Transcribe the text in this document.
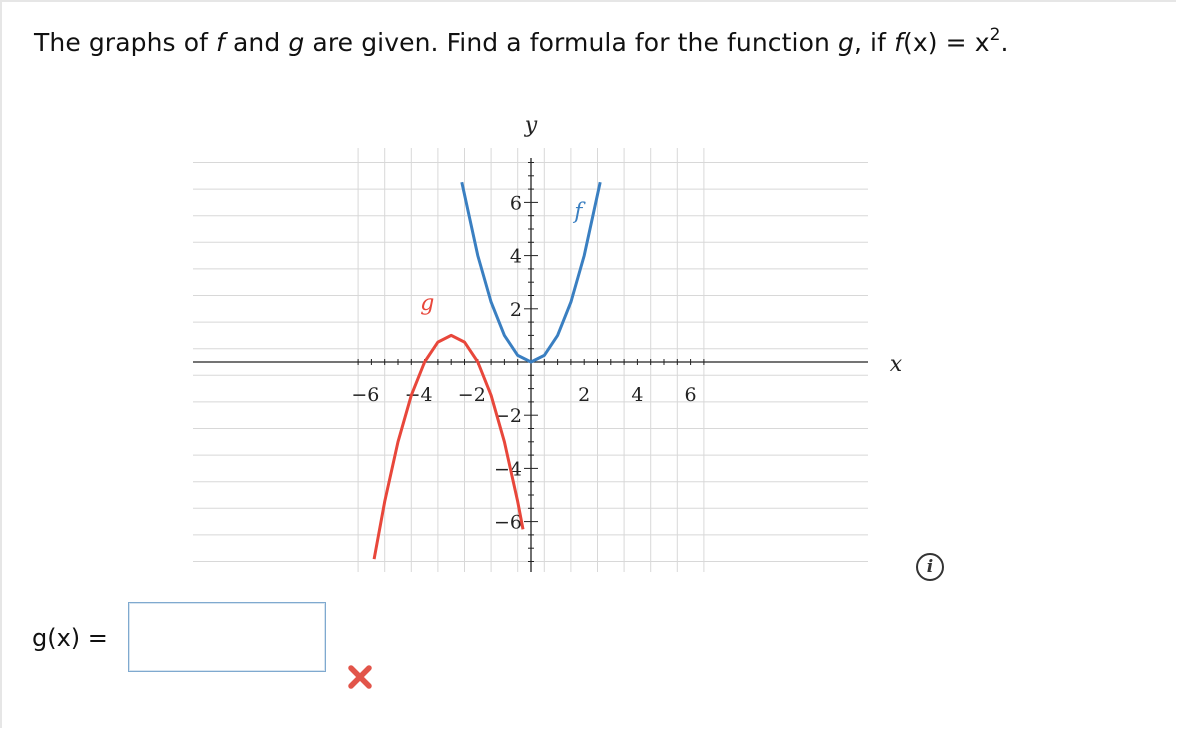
The graphs of f and g are given. Find a formula for the function g, if $f(x) = x^2$.
−6 −4 −2	2 4 6
6
4
2
−2
−4
−6
x
y
f
g
i
g(x) =
